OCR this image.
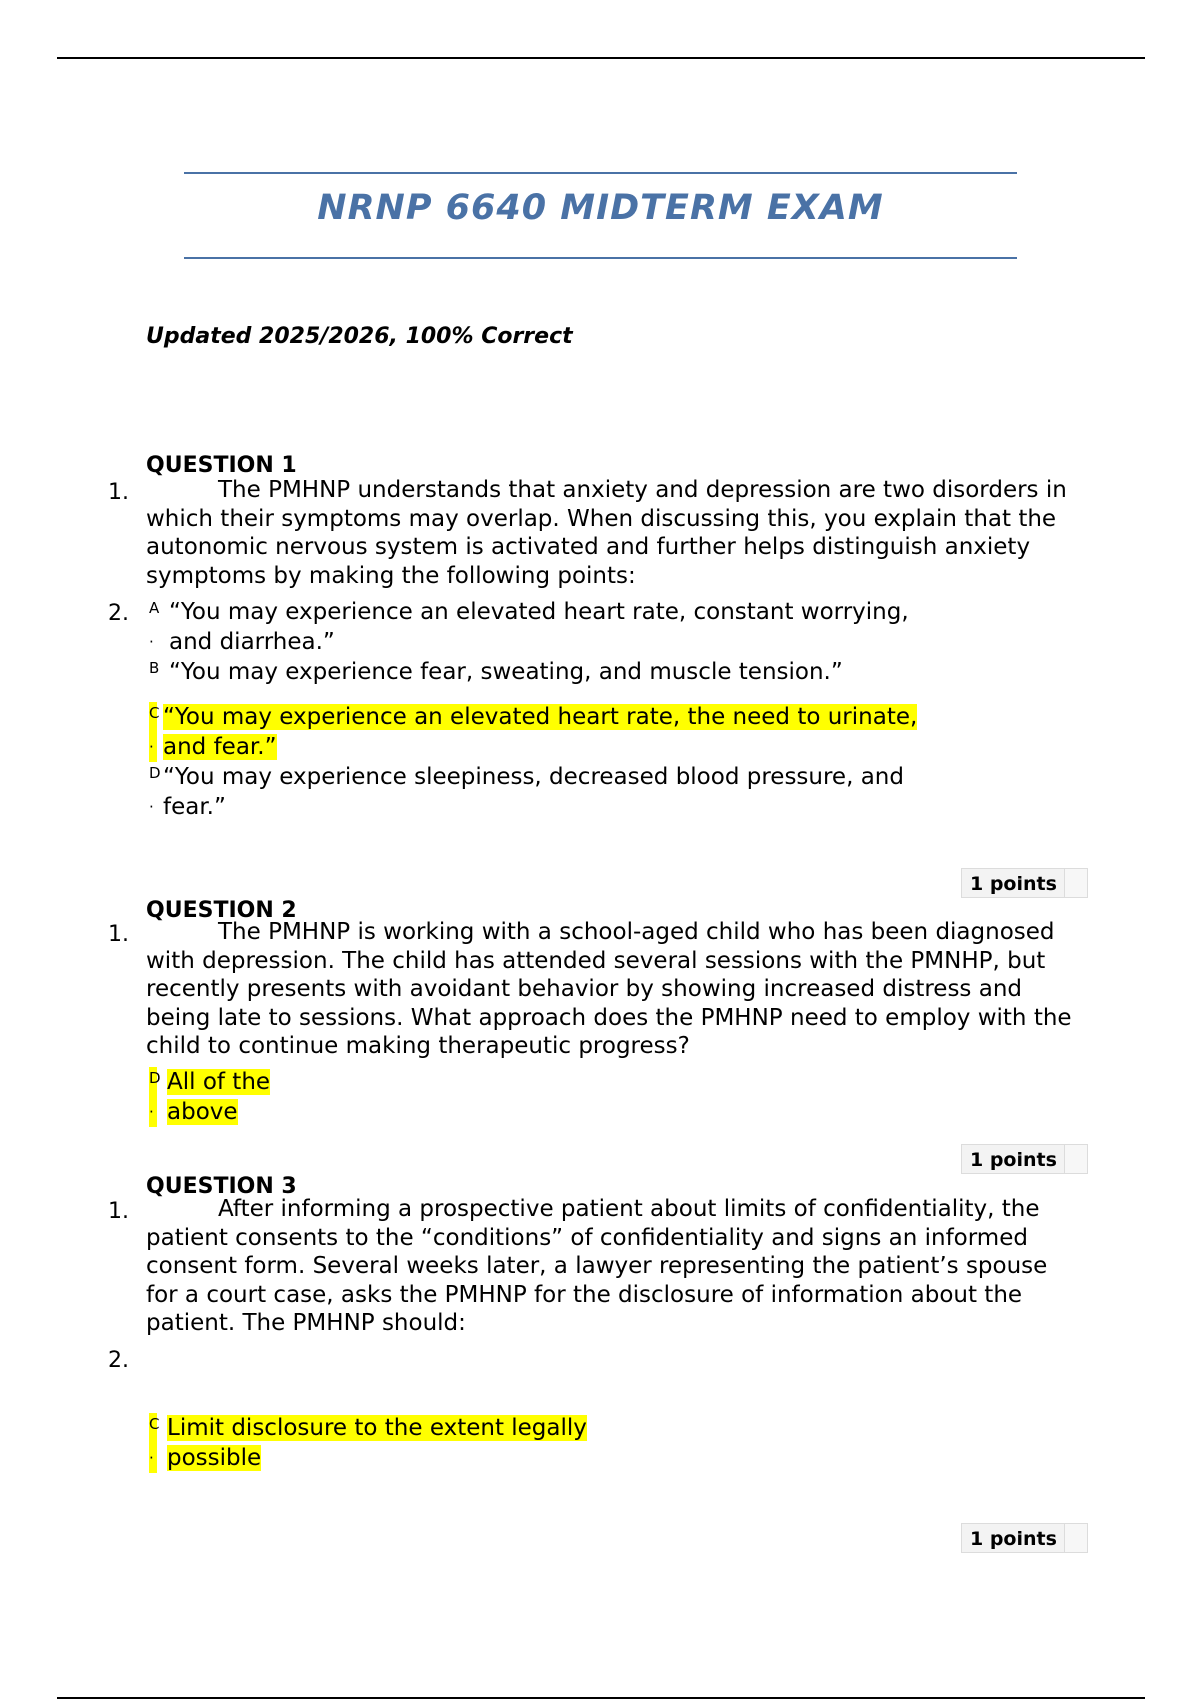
NRNP 6640 MIDTERM EXAM
Updated 2025/2026, 100% Correct
QUESTION 1
1.	The PMHNP understands that anxiety and depression are two disorders in which their symptoms may overlap. When discussing this, you explain that the autonomic nervous system is activated and further helps distinguish anxiety symptoms by making the following points:

2. A
·
“You may experience an elevated heart rate, constant worrying,
and diarrhea.”
B “You may experience fear, sweating, and muscle tension.”
C
·
“You may experience an elevated heart rate, the need to urinate,
and fear.”
D
·
“You may experience sleepiness, decreased blood pressure, and
fear.”
1 points
QUESTION 2
1.	The PMHNP is working with a school-aged child who has been diagnosed with depression. The child has attended several sessions with the PMNHP, but recently presents with avoidant behavior by showing increased distress and being late to sessions. What approach does the PMHNP need to employ with the child to continue making therapeutic progress?

D
·
All of the
above
1 points
QUESTION 3
1.	After informing a prospective patient about limits of confidentiality, the patient consents to the “conditions” of confidentiality and signs an informed consent form. Several weeks later, a lawyer representing the patient’s spouse for a court case, asks the PMHNP for the disclosure of information about the patient. The PMHNP should:

2.
C
·
Limit disclosure to the extent legally
possible
1 points
